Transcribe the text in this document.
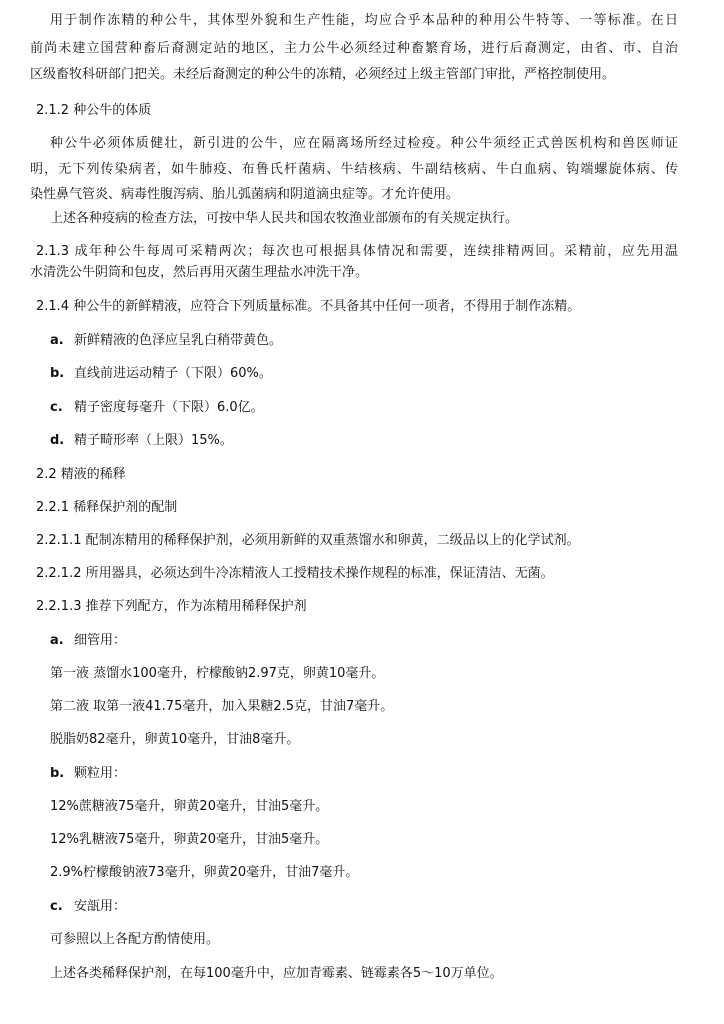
用于制作冻精的种公牛，其体型外貌和生产性能，均应合乎本品种的种用公牛特等、一等标准。在日
前尚未建立国营种畜后裔测定站的地区，主力公牛必须经过种畜繁育场，进行后裔测定，由省、市、自治
区级畜牧科研部门把关。未经后裔测定的种公牛的冻精，必须经过上级主管部门审批，严格控制使用。
2.1.2 种公牛的体质
种公牛必须体质健壮，新引进的公牛，应在隔离场所经过检疫。种公牛须经正式兽医机构和兽医师证
明，无下列传染病者，如牛肺疫、布鲁氏杆菌病、牛结核病、牛副结核病、牛白血病、钩端螺旋体病、传
染性鼻气管炎、病毒性腹泻病、胎儿弧菌病和阴道滴虫症等。才允许使用。
上述各种疫病的检查方法，可按中华人民共和国农牧渔业部颁布的有关规定执行。
2.1.3 成年种公牛每周可采精两次；每次也可根据具体情况和需要，连续排精两回。采精前，应先用温
水清洗公牛阴筒和包皮，然后再用灭菌生理盐水冲洗干净。
2.1.4 种公牛的新鲜精液，应符合下列质量标准。不具备其中任何一项者，不得用于制作冻精。
a. 新鲜精液的色泽应呈乳白稍带黄色。
b. 直线前进运动精子（下限）60%。
c. 精子密度每毫升（下限）6.0亿。
d. 精子畸形率（上限）15%。
2.2 精液的稀释
2.2.1 稀释保护剂的配制
2.2.1.1 配制冻精用的稀释保护剂，必须用新鲜的双重蒸馏水和卵黄，二级品以上的化学试剂。
2.2.1.2 所用器具，必须达到牛冷冻精液人工授精技术操作规程的标准，保证清洁、无菌。
2.2.1.3 推荐下列配方，作为冻精用稀释保护剂
a. 细管用：
第一液 蒸馏水100毫升，柠檬酸钠2.97克，卵黄10毫升。
第二液 取第一液41.75毫升，加入果糖2.5克，甘油7毫升。
脱脂奶82毫升，卵黄10毫升，甘油8毫升。
b. 颗粒用：
12%蔗糖液75毫升，卵黄20毫升，甘油5毫升。
12%乳糖液75毫升，卵黄20毫升，甘油5毫升。
2.9%柠檬酸钠液73毫升，卵黄20毫升，甘油7毫升。
c. 安瓿用：
可参照以上各配方酌情使用。
上述各类稀释保护剂，在每100毫升中，应加青霉素、链霉素各5～10万单位。
